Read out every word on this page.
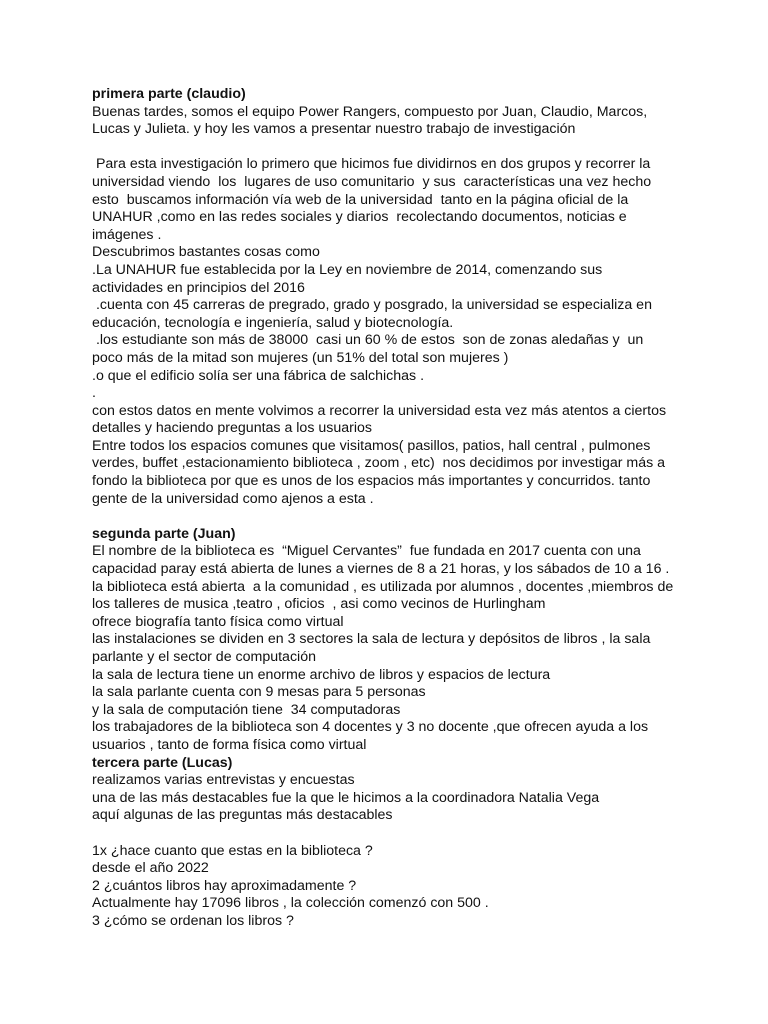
primera parte (claudio)
Buenas tardes, somos el equipo Power Rangers, compuesto por Juan, Claudio, Marcos,
Lucas y Julieta. y hoy les vamos a presentar nuestro trabajo de investigación
Para esta investigación lo primero que hicimos fue dividirnos en dos grupos y recorrer la
universidad viendo  los  lugares de uso comunitario  y sus  características una vez hecho
esto  buscamos información vía web de la universidad  tanto en la página oficial de la
UNAHUR ,como en las redes sociales y diarios  recolectando documentos, noticias e
imágenes .
Descubrimos bastantes cosas como
.La UNAHUR fue establecida por la Ley en noviembre de 2014, comenzando sus
actividades en principios del 2016
.cuenta con 45 carreras de pregrado, grado y posgrado, la universidad se especializa en
educación, tecnología e ingeniería, salud y biotecnología.
.los estudiante son más de 38000  casi un 60 % de estos  son de zonas aledañas y  un
poco más de la mitad son mujeres (un 51% del total son mujeres )
.o que el edificio solía ser una fábrica de salchichas .
.
con estos datos en mente volvimos a recorrer la universidad esta vez más atentos a ciertos
detalles y haciendo preguntas a los usuarios
Entre todos los espacios comunes que visitamos( pasillos, patios, hall central , pulmones
verdes, buffet ,estacionamiento biblioteca , zoom , etc)  nos decidimos por investigar más a
fondo la biblioteca por que es unos de los espacios más importantes y concurridos. tanto
gente de la universidad como ajenos a esta .
segunda parte (Juan)
El nombre de la biblioteca es  “Miguel Cervantes”  fue fundada en 2017 cuenta con una
capacidad paray está abierta de lunes a viernes de 8 a 21 horas, y los sábados de 10 a 16 .
la biblioteca está abierta  a la comunidad , es utilizada por alumnos , docentes ,miembros de
los talleres de musica ,teatro , oficios  , asi como vecinos de Hurlingham
ofrece biografía tanto física como virtual
las instalaciones se dividen en 3 sectores la sala de lectura y depósitos de libros , la sala
parlante y el sector de computación
la sala de lectura tiene un enorme archivo de libros y espacios de lectura
la sala parlante cuenta con 9 mesas para 5 personas
y la sala de computación tiene  34 computadoras
los trabajadores de la biblioteca son 4 docentes y 3 no docente ,que ofrecen ayuda a los
usuarios , tanto de forma física como virtual
tercera parte (Lucas)
realizamos varias entrevistas y encuestas
una de las más destacables fue la que le hicimos a la coordinadora Natalia Vega
aquí algunas de las preguntas más destacables
1x ¿hace cuanto que estas en la biblioteca ?
desde el año 2022
2 ¿cuántos libros hay aproximadamente ?
Actualmente hay 17096 libros , la colección comenzó con 500 .
3 ¿cómo se ordenan los libros ?
